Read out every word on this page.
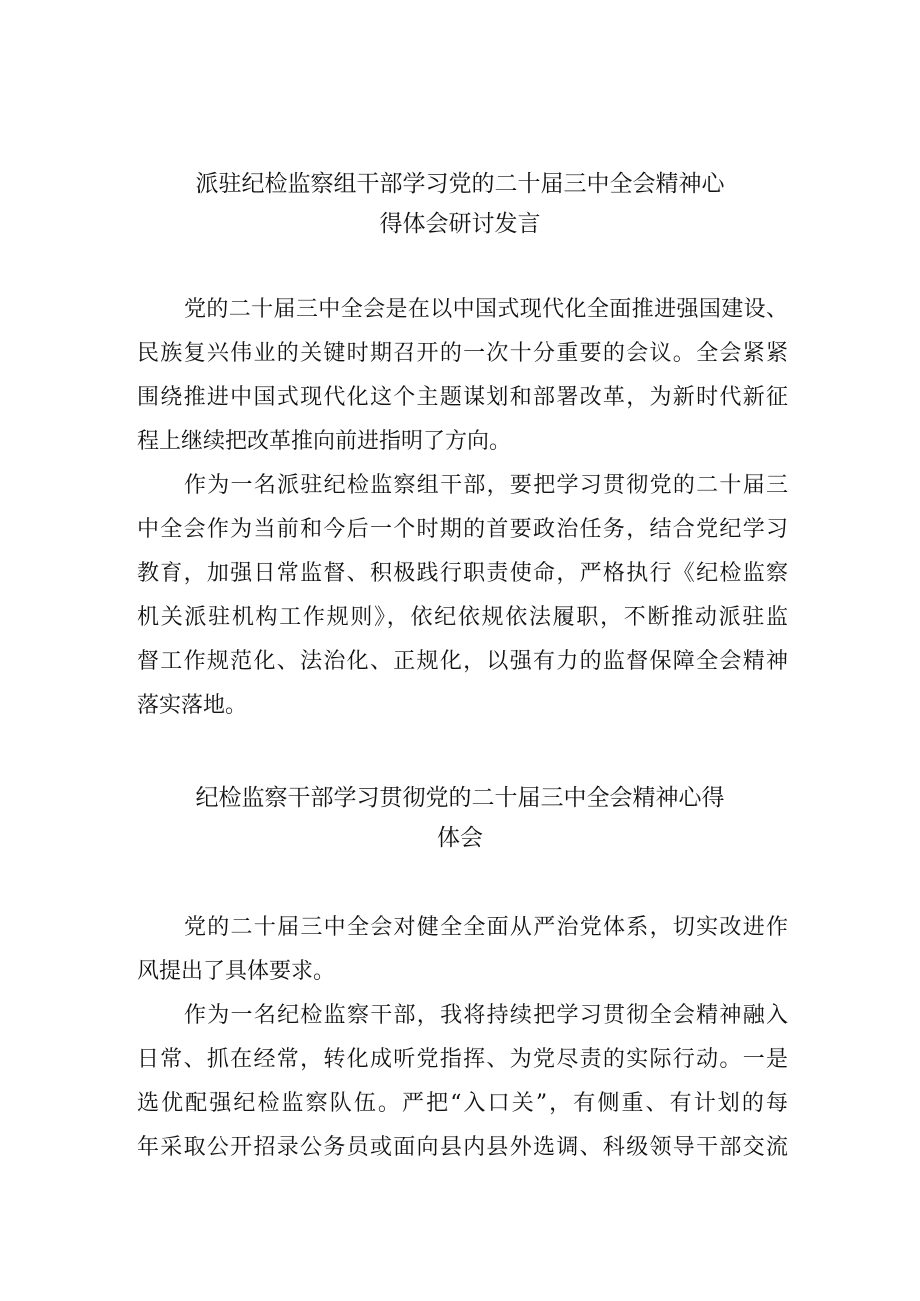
派驻纪检监察组干部学习党的二十届三中全会精神心
得体会研讨发言
党的二十届三中全会是在以中国式现代化全面推进强国建设、
民族复兴伟业的关键时期召开的一次十分重要的会议。全会紧紧
围绕推进中国式现代化这个主题谋划和部署改革，为新时代新征
程上继续把改革推向前进指明了方向。
作为一名派驻纪检监察组干部，要把学习贯彻党的二十届三
中全会作为当前和今后一个时期的首要政治任务，结合党纪学习
教育，加强日常监督、积极践行职责使命，严格执行《纪检监察
机关派驻机构工作规则》，依纪依规依法履职，不断推动派驻监
督工作规范化、法治化、正规化，以强有力的监督保障全会精神
落实落地。
纪检监察干部学习贯彻党的二十届三中全会精神心得
体会
党的二十届三中全会对健全全面从严治党体系，切实改进作
风提出了具体要求。
作为一名纪检监察干部，我将持续把学习贯彻全会精神融入
日常、抓在经常，转化成听党指挥、为党尽责的实际行动。一是
选优配强纪检监察队伍。严把“入口关”，有侧重、有计划的每
年采取公开招录公务员或面向县内县外选调、科级领导干部交流
